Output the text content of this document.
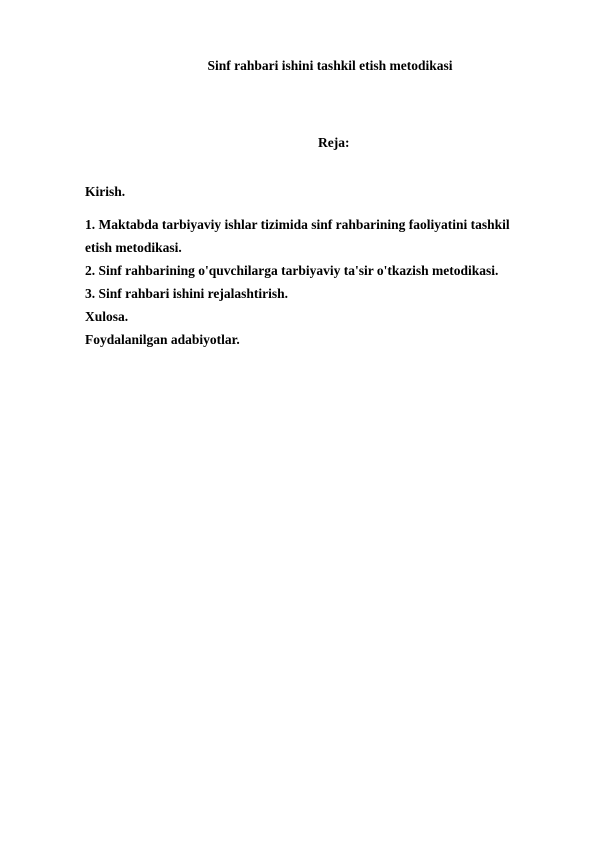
Sinf rahbari ishini tashkil etish metodikasi
Reja:
Kirish.
1. Maktabda tarbiyaviy ishlar tizimida sinf rahbarining faoliyatini tashkil
etish metodikasi.
2. Sinf rahbarining o'quvchilarga tarbiyaviy ta'sir o'tkazish metodikasi.
3. Sinf rahbari ishini rejalashtirish.
Xulosa.
Foydalanilgan adabiyotlar.
